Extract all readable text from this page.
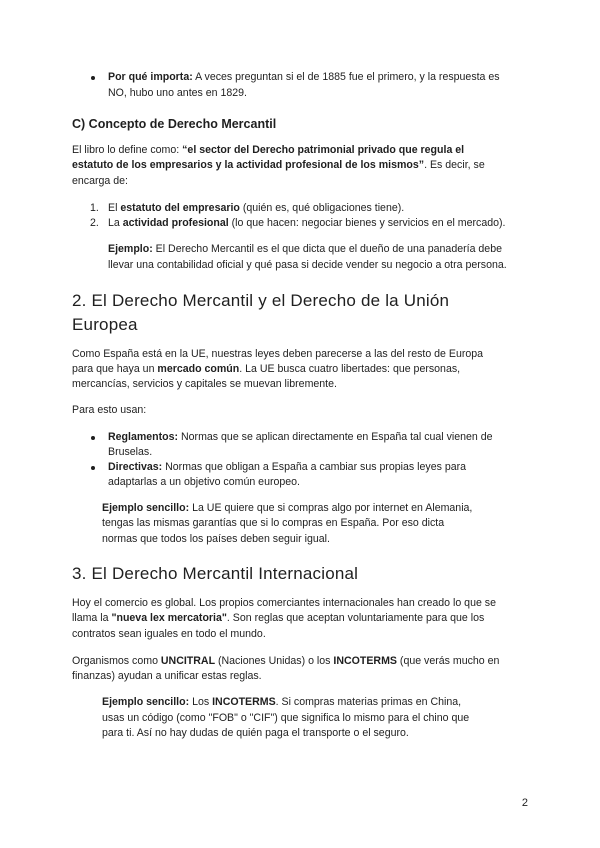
Por qué importa: A veces preguntan si el de 1885 fue el primero, y la respuesta es

NO, hubo uno antes en 1829.

C) Concepto de Derecho Mercantil

El libro lo define como: “el sector del Derecho patrimonial privado que regula el

estatuto de los empresarios y la actividad profesional de los mismos”. Es decir, se

encarga de:

1. El estatuto del empresario (quién es, qué obligaciones tiene).

2. La actividad profesional (lo que hacen: negociar bienes y servicios en el mercado).

Ejemplo: El Derecho Mercantil es el que dicta que el dueño de una panadería debe

llevar una contabilidad oficial y qué pasa si decide vender su negocio a otra persona.

2. El Derecho Mercantil y el Derecho de la Unión
Europea

Como España está en la UE, nuestras leyes deben parecerse a las del resto de Europa

para que haya un mercado común. La UE busca cuatro libertades: que personas,

mercancías, servicios y capitales se muevan libremente.

Para esto usan:

Reglamentos: Normas que se aplican directamente en España tal cual vienen de

Bruselas.

Directivas: Normas que obligan a España a cambiar sus propias leyes para

adaptarlas a un objetivo común europeo.

Ejemplo sencillo: La UE quiere que si compras algo por internet en Alemania,

tengas las mismas garantías que si lo compras en España. Por eso dicta

normas que todos los países deben seguir igual.

3. El Derecho Mercantil Internacional

Hoy el comercio es global. Los propios comerciantes internacionales han creado lo que se

llama la "nueva lex mercatoria". Son reglas que aceptan voluntariamente para que los

contratos sean iguales en todo el mundo.

Organismos como UNCITRAL (Naciones Unidas) o los INCOTERMS (que verás mucho en

finanzas) ayudan a unificar estas reglas.

Ejemplo sencillo: Los INCOTERMS. Si compras materias primas en China,

usas un código (como "FOB" o "CIF") que significa lo mismo para el chino que

para ti. Así no hay dudas de quién paga el transporte o el seguro.

2
